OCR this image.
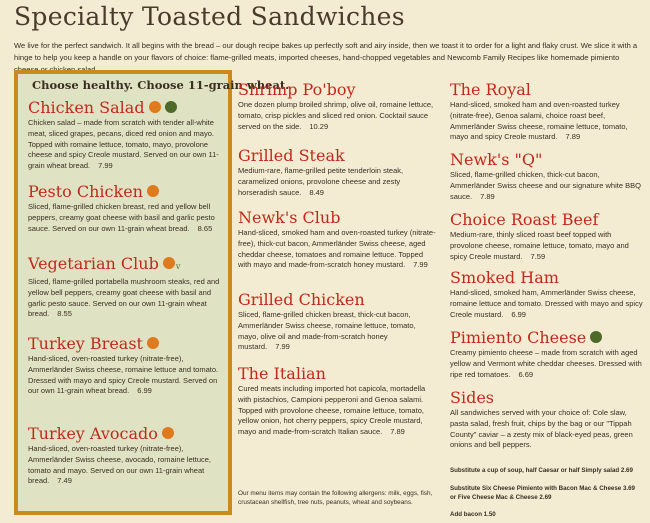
Specialty Toasted Sandwiches
We live for the perfect sandwich. It all begins with the bread – our dough recipe bakes up perfectly soft and airy inside, then we toast it to order for a light and flaky crust. We slice it with a hinge to help you keep a handle on your flavors of choice: flame-grilled meats, imported cheeses, hand-chopped vegetables and Newcomb Family Recipes like homemade pimiento
Choose healthy. Choose 11-grain wheat.
Chicken Salad
Chicken salad – made from scratch with tender all-white meat, sliced grapes, pecans, diced red onion and mayo. Topped with romaine lettuce, tomato, mayo, provolone cheese and spicy Creole mustard. Served on our own 11-grain wheat bread. 7.99
Pesto Chicken
Sliced, flame-grilled chicken breast, red and yellow bell peppers, creamy goat cheese with basil and garlic pesto sauce. Served on our own 11-grain wheat bread. 8.65
Vegetarian Club v
Sliced, flame-grilled portabella mushroom steaks, red and yellow bell peppers, creamy goat cheese with basil and garlic pesto sauce. Served on our own 11-grain wheat bread. 8.55
Turkey Breast
Hand-sliced, oven-roasted turkey (nitrate-free), Ammerländer Swiss cheese, romaine lettuce and tomato. Dressed with mayo and spicy Creole mustard. Served on our own 11-grain wheat bread. 6.99
Turkey Avocado
Hand-sliced, oven-roasted turkey (nitrate-free), Ammerländer Swiss cheese, avocado, romaine lettuce, tomato and mayo. Served on our own 11-grain wheat bread. 7.49
Shrimp Po'boy
One dozen plump broiled shrimp, olive oil, romaine lettuce, tomato, crisp pickles and sliced red onion. Cocktail sauce served on the side. 10.29
Grilled Steak
Medium-rare, flame-grilled petite tenderloin steak, caramelized onions, provolone cheese and zesty horseradish sauce. 8.49
Newk's Club
Hand-sliced, smoked ham and oven-roasted turkey (nitrate-free), thick-cut bacon, Ammerländer Swiss cheese, aged cheddar cheese, tomatoes and romaine lettuce. Topped with mayo and made-from-scratch honey mustard. 7.99
Grilled Chicken
Sliced, flame-grilled chicken breast, thick-cut bacon, Ammerländer Swiss cheese, romaine lettuce, tomato, mayo, olive oil and made-from-scratch honey mustard. 7.99
The Italian
Cured meats including imported hot capicola, mortadella with pistachios, Campioni pepperoni and Genoa salami. Topped with provolone cheese, romaine lettuce, tomato, yellow onion, hot cherry peppers, spicy Creole mustard, mayo and made-from-scratch Italian sauce. 7.89
Our menu items may contain the following allergens: milk, eggs, fish, crustacean shellfish, tree nuts, peanuts, wheat and soybeans.
The Royal
Hand-sliced, smoked ham and oven-roasted turkey (nitrate-free), Genoa salami, choice roast beef, Ammerländer Swiss cheese, romaine lettuce, tomato, mayo and spicy Creole mustard. 7.89
Newk's "Q"
Sliced, flame-grilled chicken, thick-cut bacon, Ammerländer Swiss cheese and our signature white BBQ sauce. 7.89
Choice Roast Beef
Medium-rare, thinly sliced roast beef topped with provolone cheese, romaine lettuce, tomato, mayo and spicy Creole mustard. 7.59
Smoked Ham
Hand-sliced, smoked ham, Ammerländer Swiss cheese, romaine lettuce and tomato. Dressed with mayo and spicy Creole mustard. 6.99
Pimiento Cheese
Creamy pimiento cheese – made from scratch with aged yellow and Vermont white cheddar cheeses. Dressed with ripe red tomatoes. 6.69
Sides
All sandwiches served with your choice of: Cole slaw, pasta salad, fresh fruit, chips by the bag or our "Tippah County" caviar – a zesty mix of black-eyed peas, green onions and bell peppers.
Substitute a cup of soup, half Caesar or half Simply salad 2.69
Substitute Six Cheese Pimiento with Bacon Mac & Cheese 3.69
or Five Cheese Mac & Cheese 2.69
Add bacon 1.50
